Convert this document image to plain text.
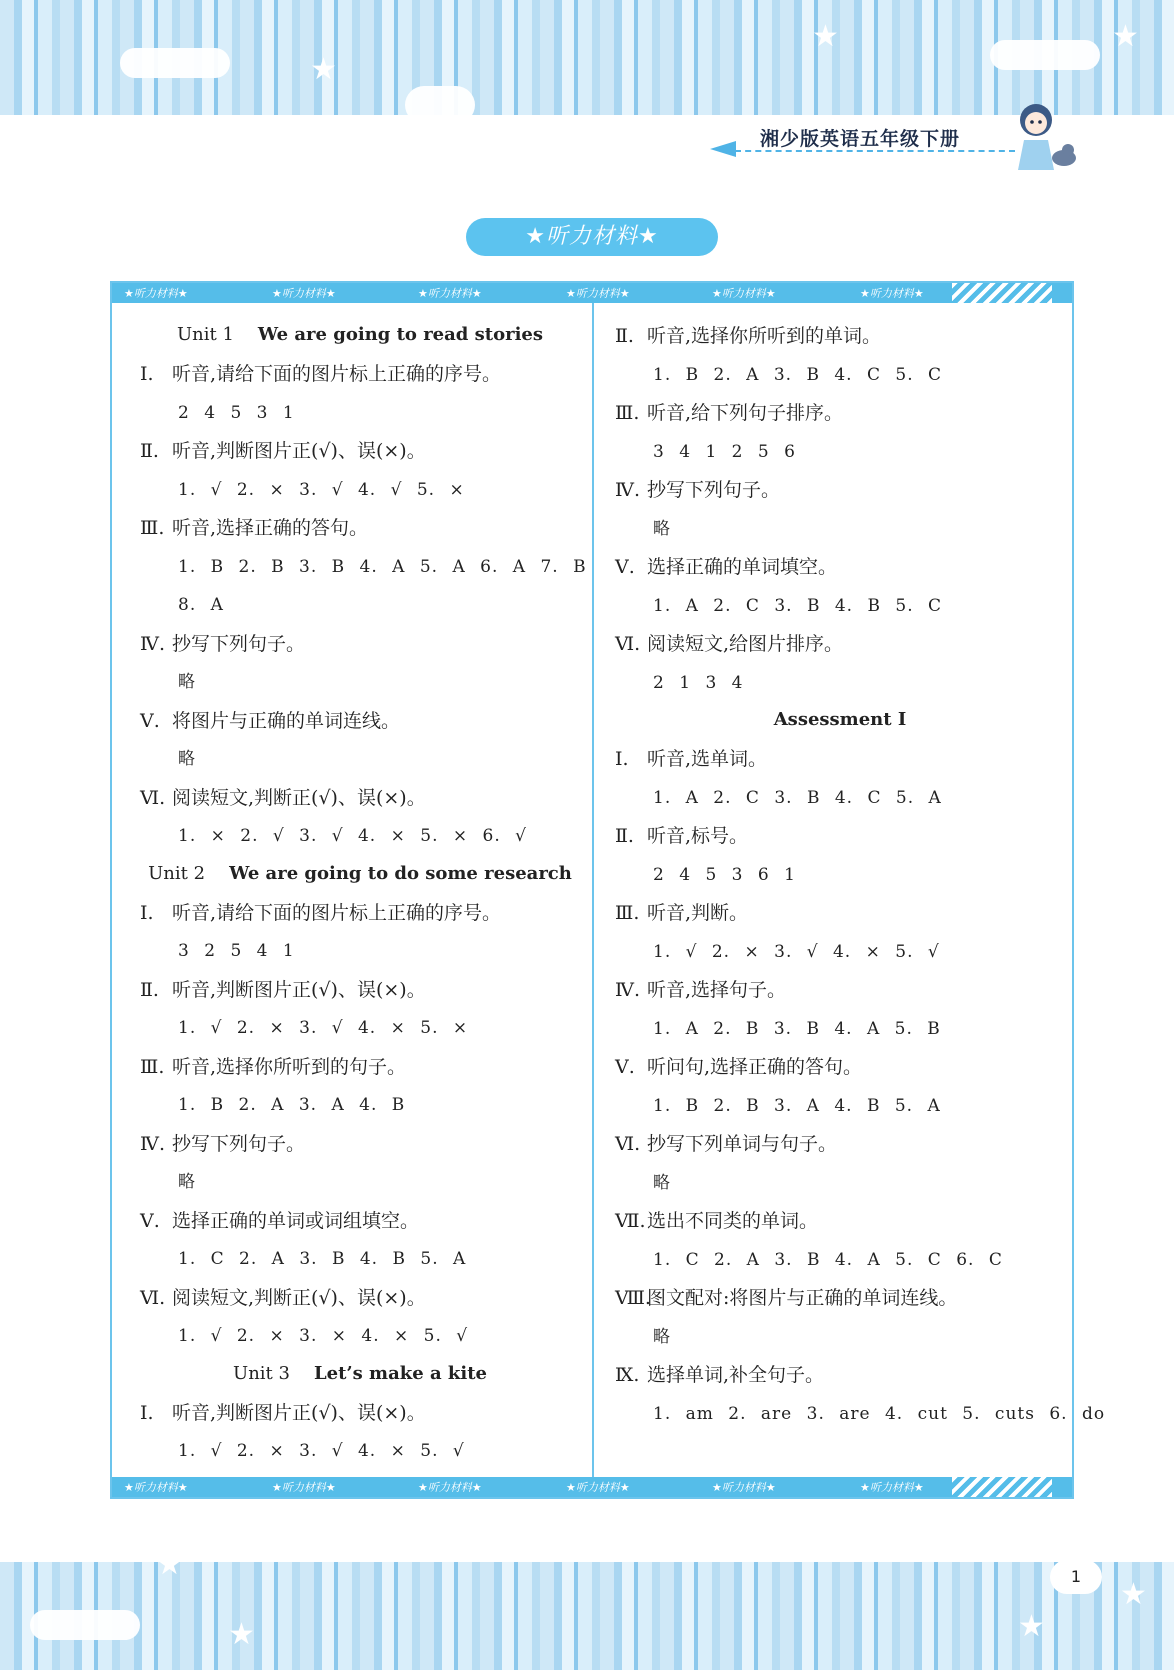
★
★	★
★
★	★
★
湘少版英语五年级下册
★听力材料★
★听力材料★	★听力材料★	★听力材料★	★听力材料★	★听力材料★	★听力材料★
★听力材料★	★听力材料★	★听力材料★	★听力材料★	★听力材料★	★听力材料★
Unit 1 We are going to read stories
Ⅰ. 听音,请给下面的图片标上正确的序号。
2 4 5 3 1
Ⅱ. 听音,判断图片正(√)、误(×)。
1. √ 2. × 3. √ 4. √ 5. ×
Ⅲ. 听音,选择正确的答句。
1. B 2. B 3. B 4. A 5. A 6. A 7. B
8. A
Ⅳ. 抄写下列句子。
略
Ⅴ. 将图片与正确的单词连线。
略
Ⅵ. 阅读短文,判断正(√)、误(×)。
1. × 2. √ 3. √ 4. × 5. × 6. √
Unit 2 We are going to do some research
Ⅰ. 听音,请给下面的图片标上正确的序号。
3 2 5 4 1
Ⅱ. 听音,判断图片正(√)、误(×)。
1. √ 2. × 3. √ 4. × 5. ×
Ⅲ. 听音,选择你所听到的句子。
1. B 2. A 3. A 4. B
Ⅳ. 抄写下列句子。
略
Ⅴ. 选择正确的单词或词组填空。
1. C 2. A 3. B 4. B 5. A
Ⅵ. 阅读短文,判断正(√)、误(×)。
1. √ 2. × 3. × 4. × 5. √
Unit 3 Let’s make a kite
Ⅰ. 听音,判断图片正(√)、误(×)。
1. √ 2. × 3. √ 4. × 5. √
Ⅱ. 听音,选择你所听到的单词。
1. B 2. A 3. B 4. C 5. C
Ⅲ. 听音,给下列句子排序。
3 4 1 2 5 6
Ⅳ. 抄写下列句子。
略
Ⅴ. 选择正确的单词填空。
1. A 2. C 3. B 4. B 5. C
Ⅵ. 阅读短文,给图片排序。
2 1 3 4
Assessment Ⅰ
Ⅰ. 听音,选单词。
1. A 2. C 3. B 4. C 5. A
Ⅱ. 听音,标号。
2 4 5 3 6 1
Ⅲ. 听音,判断。
1. √ 2. × 3. √ 4. × 5. √
Ⅳ. 听音,选择句子。
1. A 2. B 3. B 4. A 5. B
Ⅴ. 听问句,选择正确的答句。
1. B 2. B 3. A 4. B 5. A
Ⅵ. 抄写下列单词与句子。
略
Ⅶ.选出不同类的单词。
1. C 2. A 3. B 4. A 5. C 6. C
Ⅷ.图文配对:将图片与正确的单词连线。
略
Ⅸ. 选择单词,补全句子。
1. am 2. are 3. are 4. cut 5. cuts 6. do
1
